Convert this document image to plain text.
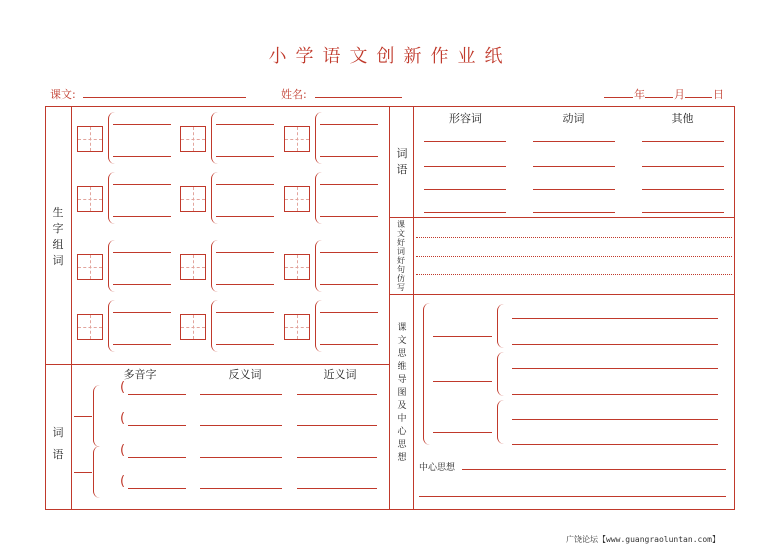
小学语文创新作业纸
课文:	姓名:	年	月	日
生
字
组
词
词
语
多音字	反义词	近义词
(
(
(
(
词
语
形容词	动词	其他
课
文
好
词
好
句
仿
写
课
文
思
维
导
图
及
中
心
思
想
中心思想
广饶论坛【www.guangraoluntan.com】
